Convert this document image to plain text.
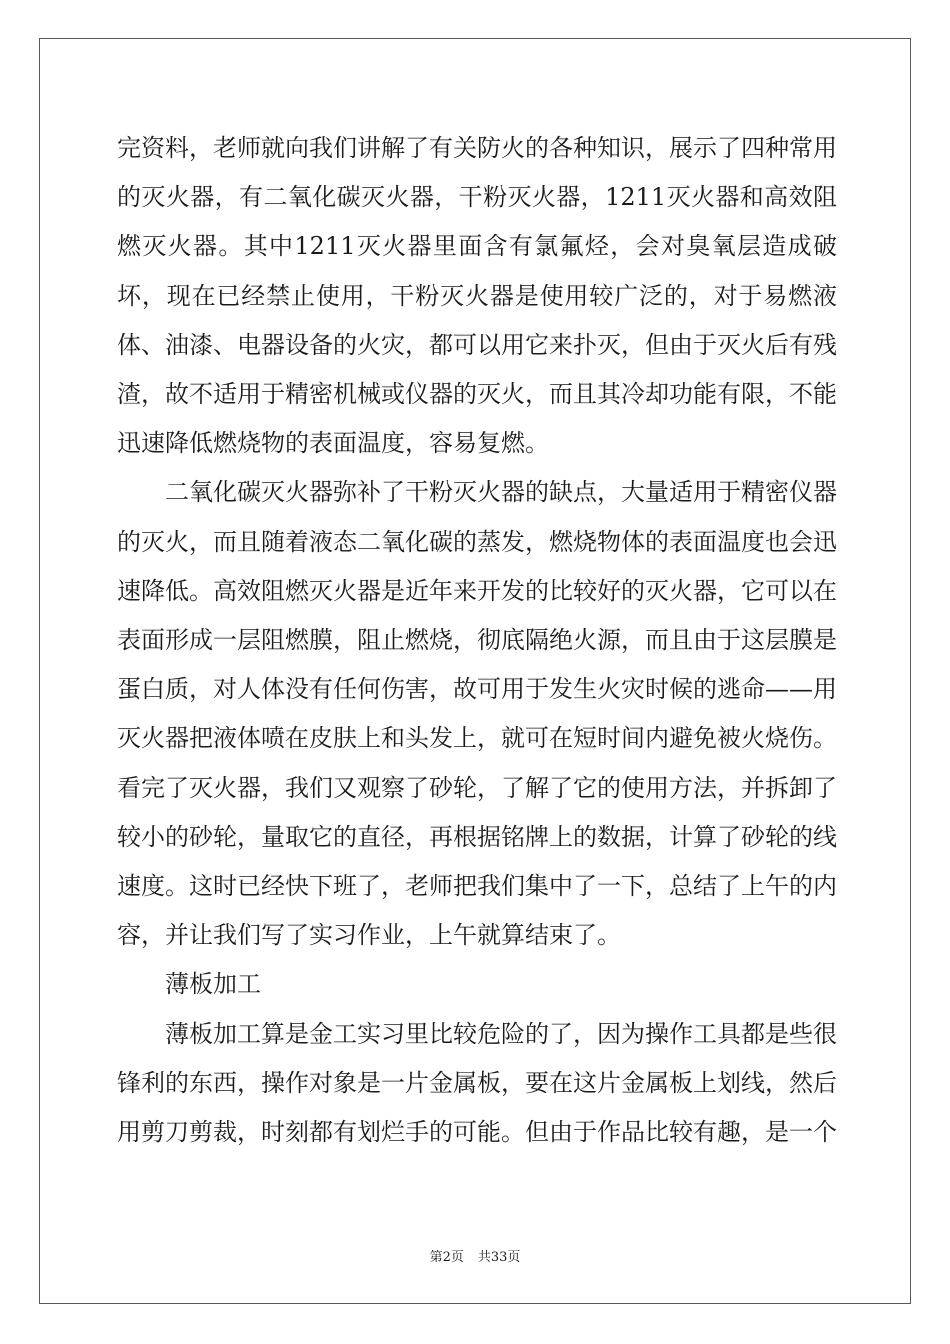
完资料，老师就向我们讲解了有关防火的各种知识，展示了四种常用的灭火器，有二氧化碳灭火器，干粉灭火器，1211灭火器和高效阻燃灭火器。其中1211灭火器里面含有氯氟烃，会对臭氧层造成破坏，现在已经禁止使用，干粉灭火器是使用较广泛的，对于易燃液体、油漆、电器设备的火灾，都可以用它来扑灭，但由于灭火后有残渣，故不适用于精密机械或仪器的灭火，而且其冷却功能有限，不能迅速降低燃烧物的表面温度，容易复燃。

二氧化碳灭火器弥补了干粉灭火器的缺点，大量适用于精密仪器的灭火，而且随着液态二氧化碳的蒸发，燃烧物体的表面温度也会迅速降低。高效阻燃灭火器是近年来开发的比较好的灭火器，它可以在表面形成一层阻燃膜，阻止燃烧，彻底隔绝火源，而且由于这层膜是蛋白质，对人体没有任何伤害，故可用于发生火灾时候的逃命——用灭火器把液体喷在皮肤上和头发上，就可在短时间内避免被火烧伤。看完了灭火器，我们又观察了砂轮，了解了它的使用方法，并拆卸了较小的砂轮，量取它的直径，再根据铭牌上的数据，计算了砂轮的线速度。这时已经快下班了，老师把我们集中了一下，总结了上午的内容，并让我们写了实习作业，上午就算结束了。

薄板加工

薄板加工算是金工实习里比较危险的了，因为操作工具都是些很锋利的东西，操作对象是一片金属板，要在这片金属板上划线，然后用剪刀剪裁，时刻都有划烂手的可能。但由于作品比较有趣，是一个

第2页 共33页
